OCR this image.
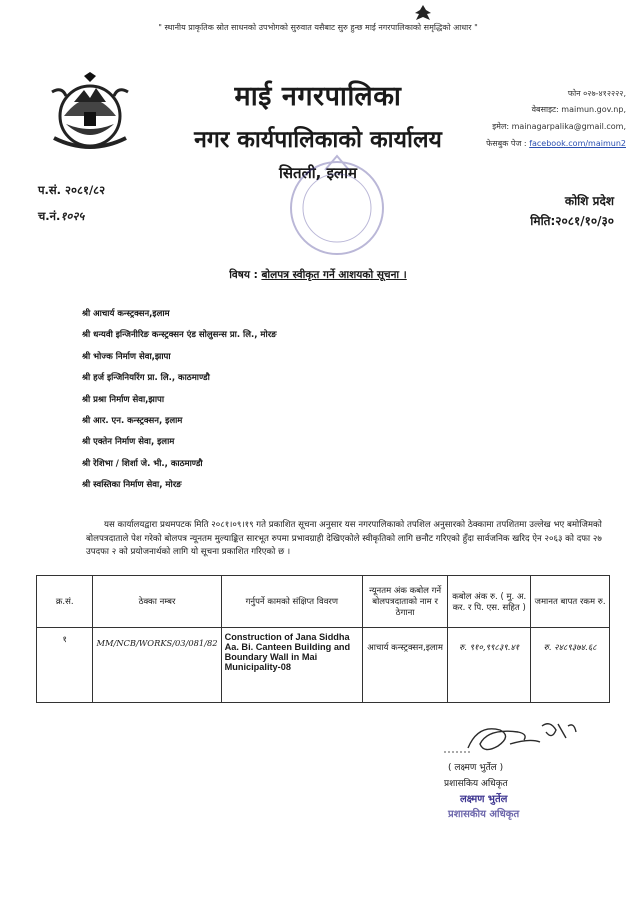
" स्थानीय प्राकृतिक स्रोत साधनको उपभोगको सुरुवात यसैबाट सुरु हुन्छ माई नगरपालिकाको समृद्धिको आधार "
माई नगरपालिका
नगर कार्यपालिकाको कार्यालय
सितली, इलाम
फोन ०२७-४१२२२२,
वेबसाइट: maimun.gov.np,
इमेल: mainagarpalika@gmail.com,
फेसबुक पेज : facebook.com/maimun2
प.सं. २०८१/८२
च.नं.१०२५
कोशि प्रदेश
मिति:२०८१/१०/३०
विषय : बोलपत्र स्वीकृत गर्ने आशयको सूचना ।
श्री आचार्य कन्स्ट्रक्सन,इलाम
श्री धन्यवी इन्जिनीरिङ कन्स्ट्रक्सन एंड सोलुसन्स प्रा. लि., मोरङ
श्री भोज्क निर्माण सेवा,झापा
श्री हर्ज इन्जिनियरिंग प्रा. लि., काठमाण्डौ
श्री प्रश्रा निर्माण सेवा,झापा
श्री आर. एन. कन्स्ट्रक्सन, इलाम
श्री एक्तेन निर्माण सेवा, इलाम
श्री रेशिभा / शिर्शा जे. भी., काठमाण्डौ
श्री स्वस्तिका निर्माण सेवा, मोरङ
यस कार्यालयद्वारा प्रथमपटक मिति २०८१।०९।१९ गते प्रकाशित सूचना अनुसार यस नगरपालिकाको तपशिल अनुसारको ठेक्कामा तपशितमा उल्लेख भए बमोजिमको बोलपत्रदाताले पेश गरेको बोलपत्र न्यूनतम मुल्याङ्कित सारभूत रुपमा प्रभावग्राही देखिएकोले स्वीकृतिको लागि छनौट गरिएको हुँदा सार्वजनिक खरिद ऐन २०६३ को दफा २७ उपदफा २ को प्रयोजनार्थको लागि यो सूचना प्रकाशित गरिएको छ ।
क्र.सं.	ठेक्का नम्बर	गर्नुपर्ने कामको संक्षिप्त विवरण	न्यूनतम अंक कबोल गर्ने बोलपत्रदाताको नाम र ठेगाना	कबोल अंक रु. ( मु. अ. कर. र पि. एस. सहित )	जमानत बापत रकम रु.
१	MM/NCB/WORKS/03/081/82	Construction of Jana Siddha Aa. Bi. Canteen Building and Boundary Wall in Mai Municipality-08	आचार्य कन्स्ट्रक्सन,इलाम	रु. ९१०,९९८३९.४१	रु. २४८९३७४.६८
( लक्ष्मण भुर्तेल )
प्रशासकिय अधिकृत
लक्ष्मण भुर्तेल
प्रशासकीय अधिकृत
